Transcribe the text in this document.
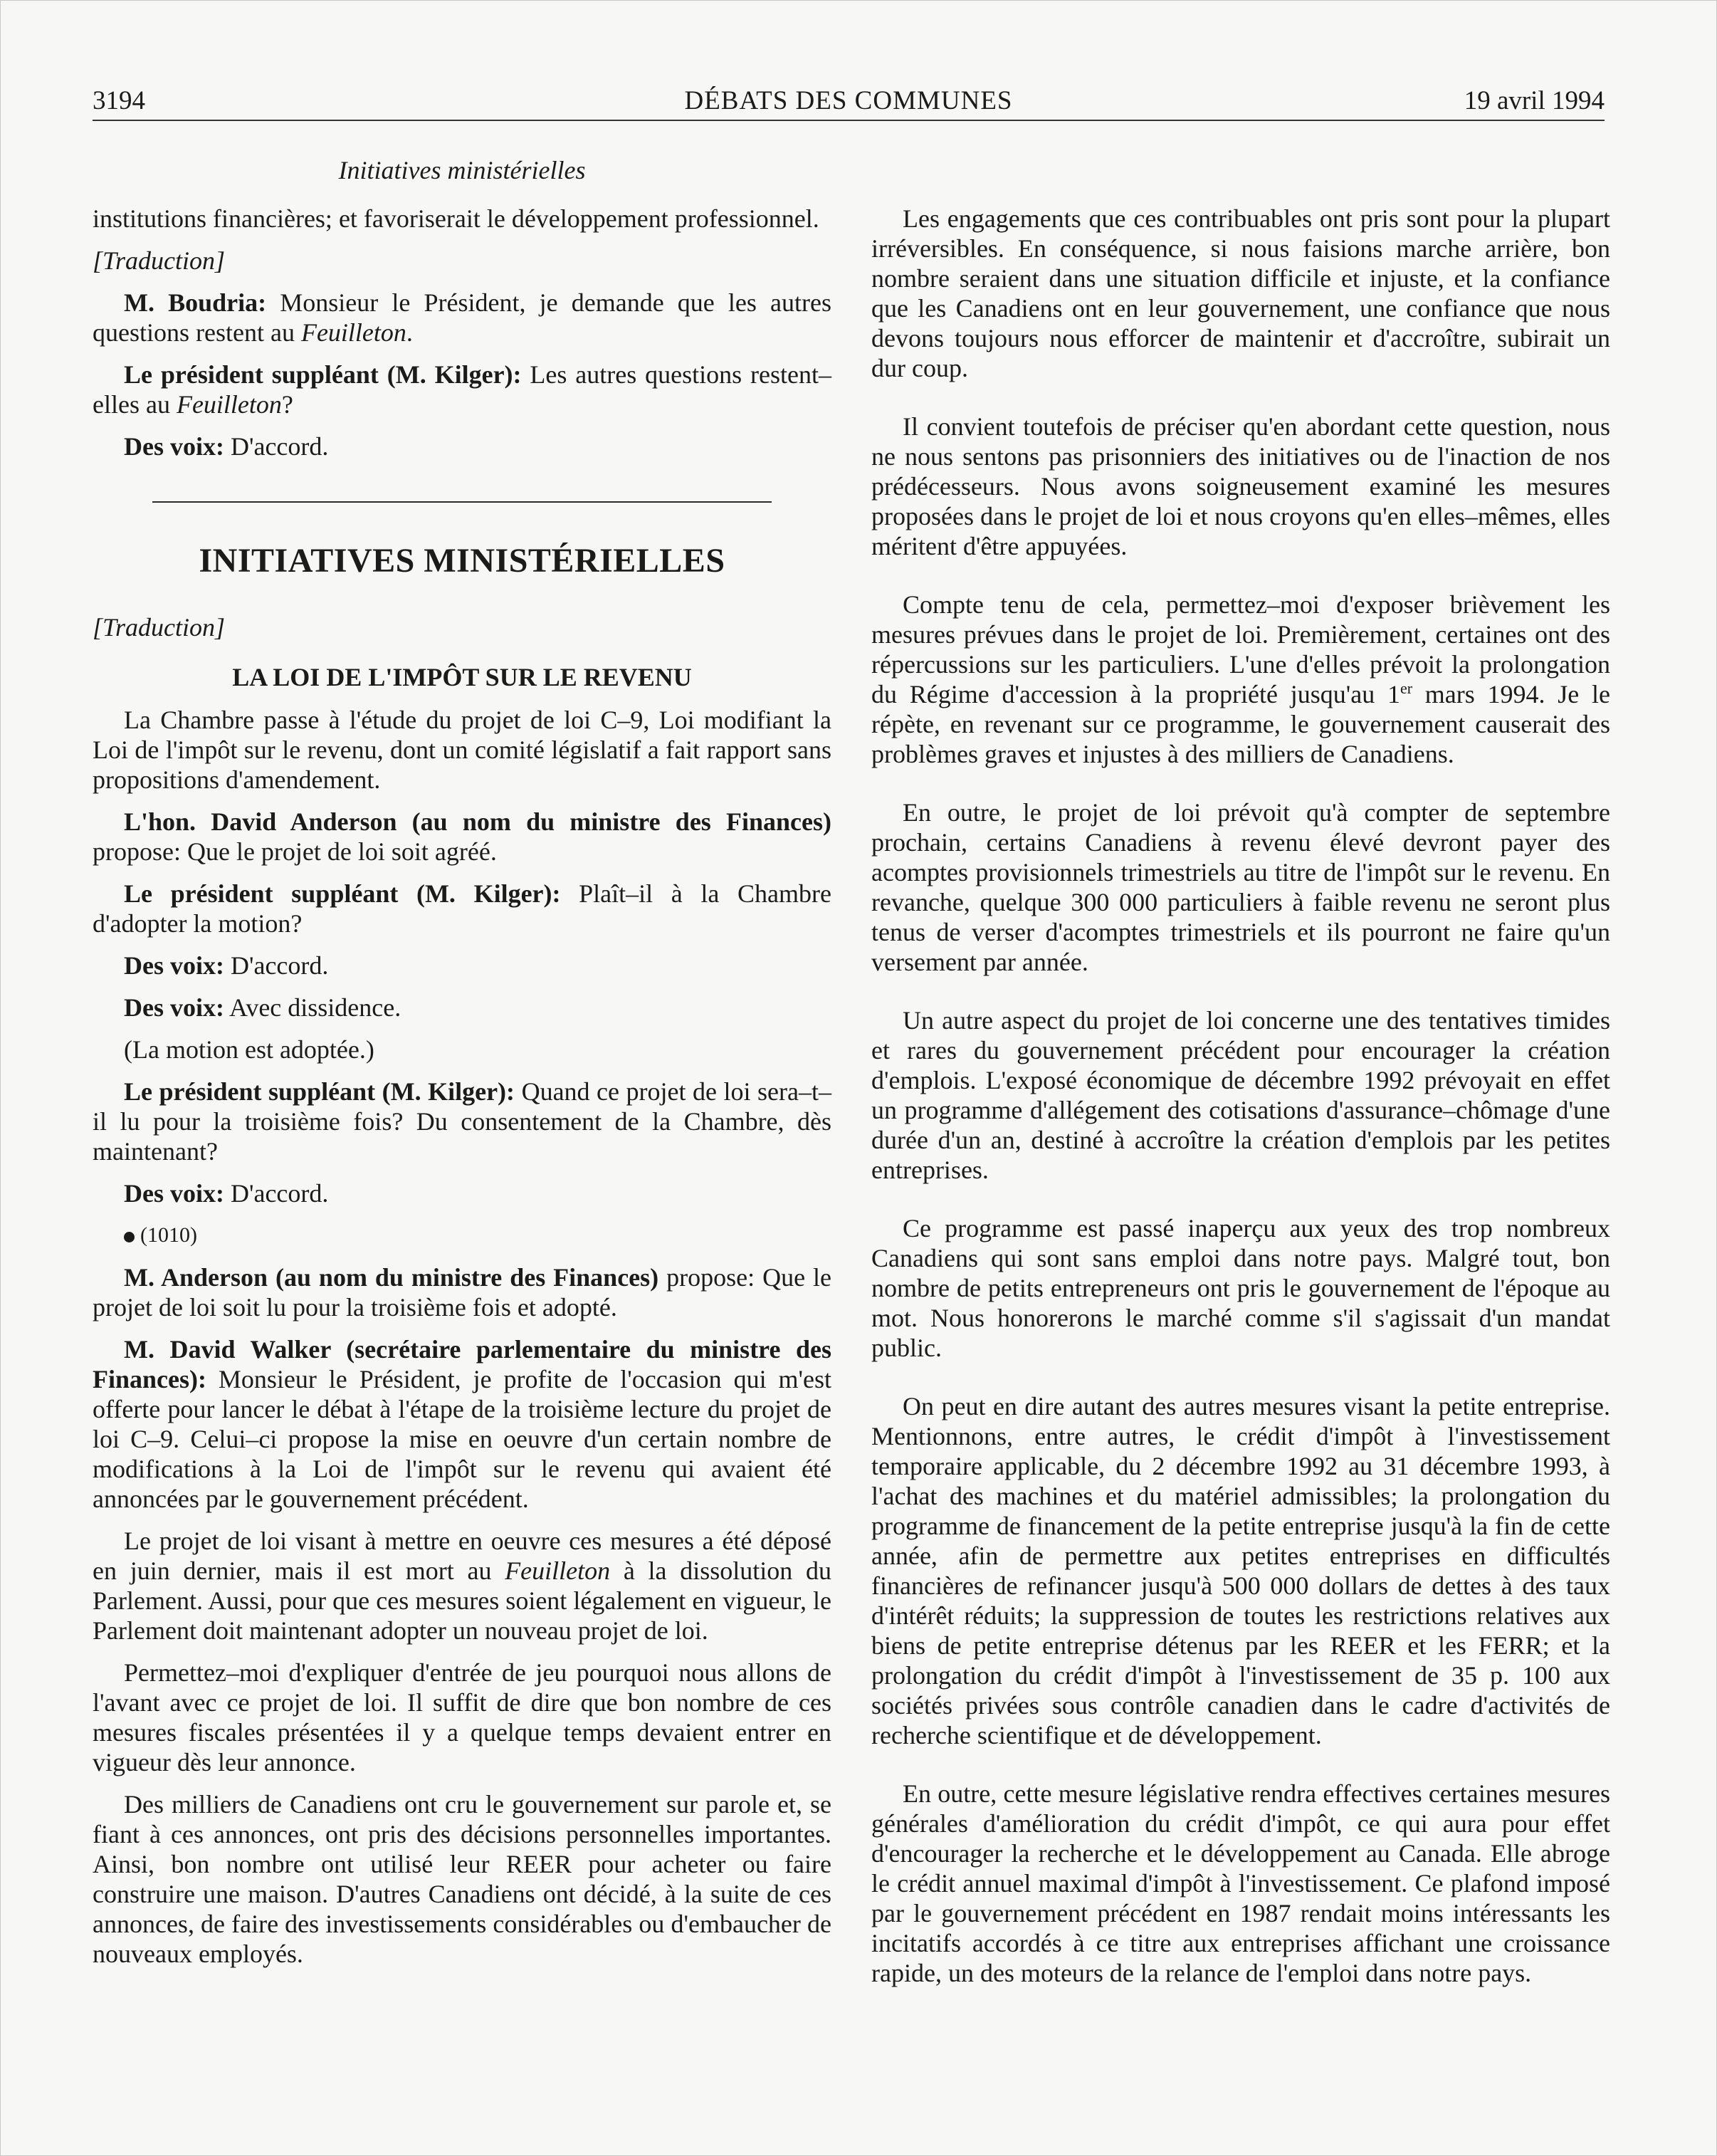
3194	DÉBATS DES COMMUNES	19 avril 1994
Initiatives ministérielles

institutions financières; et favoriserait le développement professionnel.

[Traduction]

M. Boudria: Monsieur le Président, je demande que les autres questions restent au Feuilleton.

Le président suppléant (M. Kilger): Les autres questions restent–elles au Feuilleton?

Des voix: D'accord.

INITIATIVES MINISTÉRIELLES

[Traduction]

LA LOI DE L'IMPÔT SUR LE REVENU

La Chambre passe à l'étude du projet de loi C–9, Loi modifiant la Loi de l'impôt sur le revenu, dont un comité législatif a fait rapport sans propositions d'amendement.

L'hon. David Anderson (au nom du ministre des Finances) propose: Que le projet de loi soit agréé.

Le président suppléant (M. Kilger): Plaît–il à la Chambre d'adopter la motion?

Des voix: D'accord.

Des voix: Avec dissidence.

(La motion est adoptée.)

Le président suppléant (M. Kilger): Quand ce projet de loi sera–t–il lu pour la troisième fois? Du consentement de la Chambre, dès maintenant?

Des voix: D'accord.

(1010)

M. Anderson (au nom du ministre des Finances) propose: Que le projet de loi soit lu pour la troisième fois et adopté.

M. David Walker (secrétaire parlementaire du ministre des Finances): Monsieur le Président, je profite de l'occasion qui m'est offerte pour lancer le débat à l'étape de la troisième lecture du projet de loi C–9. Celui–ci propose la mise en oeuvre d'un certain nombre de modifications à la Loi de l'impôt sur le revenu qui avaient été annoncées par le gouvernement précédent.

Le projet de loi visant à mettre en oeuvre ces mesures a été déposé en juin dernier, mais il est mort au Feuilleton à la dissolution du Parlement. Aussi, pour que ces mesures soient légalement en vigueur, le Parlement doit maintenant adopter un nouveau projet de loi.

Permettez–moi d'expliquer d'entrée de jeu pourquoi nous allons de l'avant avec ce projet de loi. Il suffit de dire que bon nombre de ces mesures fiscales présentées il y a quelque temps devaient entrer en vigueur dès leur annonce.

Des milliers de Canadiens ont cru le gouvernement sur parole et, se fiant à ces annonces, ont pris des décisions personnelles importantes. Ainsi, bon nombre ont utilisé leur REER pour acheter ou faire construire une maison. D'autres Canadiens ont décidé, à la suite de ces annonces, de faire des investissements considérables ou d'embaucher de nouveaux employés.

Les engagements que ces contribuables ont pris sont pour la plupart irréversibles. En conséquence, si nous faisions marche arrière, bon nombre seraient dans une situation difficile et injuste, et la confiance que les Canadiens ont en leur gouvernement, une confiance que nous devons toujours nous efforcer de maintenir et d'accroître, subirait un dur coup.

Il convient toutefois de préciser qu'en abordant cette question, nous ne nous sentons pas prisonniers des initiatives ou de l'inaction de nos prédécesseurs. Nous avons soigneusement examiné les mesures proposées dans le projet de loi et nous croyons qu'en elles–mêmes, elles méritent d'être appuyées.

Compte tenu de cela, permettez–moi d'exposer brièvement les mesures prévues dans le projet de loi. Premièrement, certaines ont des répercussions sur les particuliers. L'une d'elles prévoit la prolongation du Régime d'accession à la propriété jusqu'au 1er mars 1994. Je le répète, en revenant sur ce programme, le gouvernement causerait des problèmes graves et injustes à des milliers de Canadiens.

En outre, le projet de loi prévoit qu'à compter de septembre prochain, certains Canadiens à revenu élevé devront payer des acomptes provisionnels trimestriels au titre de l'impôt sur le revenu. En revanche, quelque 300 000 particuliers à faible revenu ne seront plus tenus de verser d'acomptes trimestriels et ils pourront ne faire qu'un versement par année.

Un autre aspect du projet de loi concerne une des tentatives timides et rares du gouvernement précédent pour encourager la création d'emplois. L'exposé économique de décembre 1992 prévoyait en effet un programme d'allégement des cotisations d'assurance–chômage d'une durée d'un an, destiné à accroître la création d'emplois par les petites entreprises.

Ce programme est passé inaperçu aux yeux des trop nombreux Canadiens qui sont sans emploi dans notre pays. Malgré tout, bon nombre de petits entrepreneurs ont pris le gouvernement de l'époque au mot. Nous honorerons le marché comme s'il s'agissait d'un mandat public.

On peut en dire autant des autres mesures visant la petite entreprise. Mentionnons, entre autres, le crédit d'impôt à l'investissement temporaire applicable, du 2 décembre 1992 au 31 décembre 1993, à l'achat des machines et du matériel admissibles; la prolongation du programme de financement de la petite entreprise jusqu'à la fin de cette année, afin de permettre aux petites entreprises en difficultés financières de refinancer jusqu'à 500 000 dollars de dettes à des taux d'intérêt réduits; la suppression de toutes les restrictions relatives aux biens de petite entreprise détenus par les REER et les FERR; et la prolongation du crédit d'impôt à l'investissement de 35 p. 100 aux sociétés privées sous contrôle canadien dans le cadre d'activités de recherche scientifique et de développement.

En outre, cette mesure législative rendra effectives certaines mesures générales d'amélioration du crédit d'impôt, ce qui aura pour effet d'encourager la recherche et le développement au Canada. Elle abroge le crédit annuel maximal d'impôt à l'investissement. Ce plafond imposé par le gouvernement précédent en 1987 rendait moins intéressants les incitatifs accordés à ce titre aux entreprises affichant une croissance rapide, un des moteurs de la relance de l'emploi dans notre pays.
